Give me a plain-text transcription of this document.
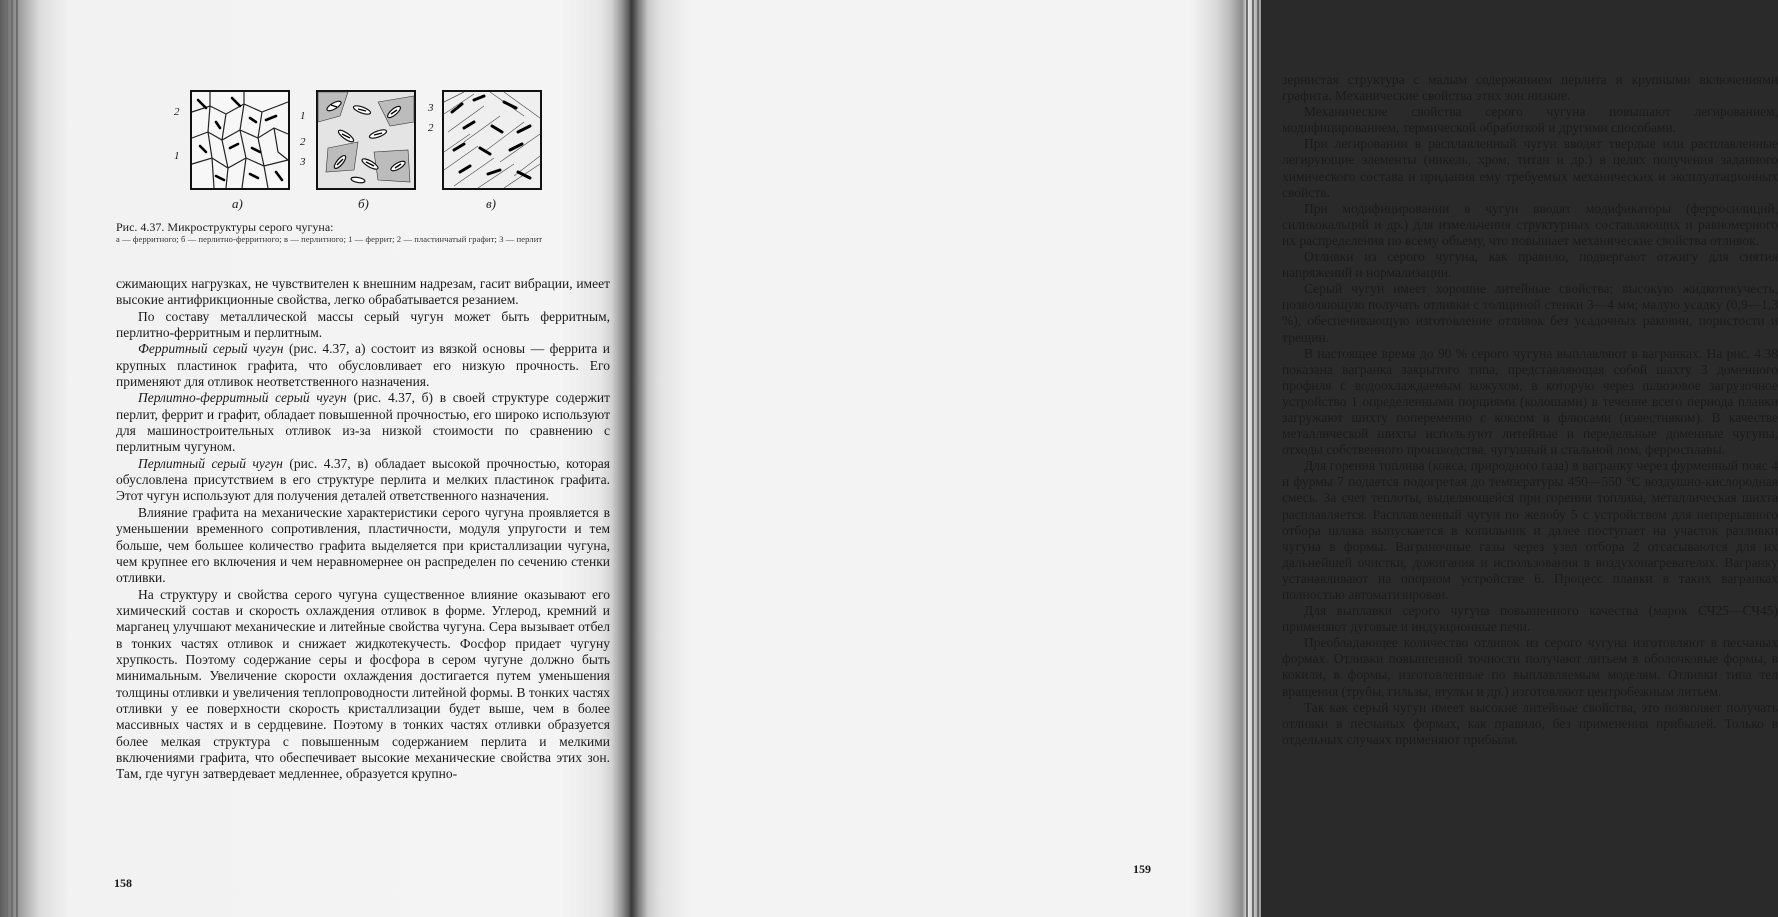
2
1
1
2
3
3
2
а)	б)	в)
Рис. 4.37. Микроструктуры серого чугуна:
а — ферритного; б — перлитно-ферритного; в — перлитного; 1 — феррит; 2 — пластинчатый графит; 3 — перлит

сжимающих нагрузках, не чувствителен к внешним надрезам, гасит вибрации, имеет высокие антифрикционные свойства, легко обрабатывается резанием.

По составу металлической массы серый чугун может быть ферритным, перлитно-ферритным и перлитным.

Ферритный серый чугун (рис. 4.37, а) состоит из вязкой основы — феррита и крупных пластинок графита, что обусловливает его низкую прочность. Его применяют для отливок неответственного назначения.

Перлитно-ферритный серый чугун (рис. 4.37, б) в своей структуре содержит перлит, феррит и графит, обладает повышенной прочностью, его широко используют для машиностроительных отливок из-за низкой стоимости по сравнению с перлитным чугуном.

Перлитный серый чугун (рис. 4.37, в) обладает высокой прочностью, которая обусловлена присутствием в его структуре перлита и мелких пластинок графита. Этот чугун используют для получения деталей ответственного назначения.

Влияние графита на механические характеристики серого чугуна проявляется в уменьшении временного сопротивления, пластичности, модуля упругости и тем больше, чем большее количество графита выделяется при кристаллизации чугуна, чем крупнее его включения и чем неравномернее он распределен по сечению стенки отливки.

На структуру и свойства серого чугуна существенное влияние оказывают его химический состав и скорость охлаждения отливок в форме. Углерод, кремний и марганец улучшают механические и литейные свойства чугуна. Сера вызывает отбел в тонких частях отливок и снижает жидкотекучесть. Фосфор придает чугуну хрупкость. Поэтому содержание серы и фосфора в сером чугуне должно быть минимальным. Увеличение скорости охлаждения достигается путем уменьшения толщины отливки и увеличения теплопроводности литейной формы. В тонких частях отливки у ее поверхности скорость кристаллизации будет выше, чем в более массивных частях и в сердцевине. Поэтому в тонких частях отливки образуется более мелкая структура с повышенным содержанием перлита и мелкими включениями графита, что обеспечивает высокие механические свойства этих зон. Там, где чугун затвердевает медленнее, образуется крупно-

158

зернистая структура с малым содержанием перлита и крупными включениями графита. Механические свойства этих зон низкие.

Механические свойства серого чугуна повышают легированием, модифицированием, термической обработкой и другими способами.

При легировании в расплавленный чугун вводят твердые или расплавленные легирующие элементы (никель, хром, титан и др.) в целях получения заданного химического состава и придания ему требуемых механических и эксплуатационных свойств.

При модифицировании в чугун вводят модификаторы (ферросилиций, силикокальций и др.) для измельчения структурных составляющих и равномерного их распределения по всему объему, что повышает механические свойства отливок.

Отливки из серого чугуна, как правило, подвергают отжигу для снятия напряжений и нормализации.

Серый чугун имеет хорошие литейные свойства; высокую жидкотекучесть, позволяющую получать отливки с толщиной стенки 3—4 мм; малую усадку (0,9—1,3 %), обеспечивающую изготовление отливок без усадочных раковин, пористости и трещин.

В настоящее время до 90 % серого чугуна выплавляют в вагранках. На рис. 4.38 показана вагранка закрытого типа, представляющая собой шахту 3 доменного профиля с водоохлаждаемым кожухом, в которую через шлюзовое загрузочное устройство 1 определенными порциями (колошами) в течение всего периода плавки загружают шихту попеременно с коксом и флюсами (известняком). В качестве металлической шихты используют литейные и передельные доменные чугуны, отходы собственного производства, чугунный и стальной лом, ферросплавы.

Для горения топлива (кокса, природного газа) в вагранку через фурменный пояс 4 и фурмы 7 подается подогретая до температуры 450—550 °С воздушно-кислородная смесь. За счет теплоты, выделяющейся при горении топлива, металлическая шихта расплавляется. Расплавленный чугун по желобу 5 с устройством для непрерывного отбора шлака выпускается в копильник и далее поступает на участок разливки чугуна в формы. Ваграночные газы через узел отбора 2 отсасываются для их дальнейшей очистки, дожигания и использования в воздухонагревателях. Вагранку устанавливают на опорном устройстве 6. Процесс плавки в таких вагранках полностью автоматизирован.

Для выплавки серого чугуна повышенного качества (марок СЧ25—СЧ45) применяют дуговые и индукционные печи.

Преобладающее количество отливок из серого чугуна изготовляют в песчаных формах. Отливки повышенной точности получают литьем в оболочковые формы, в кокили, в формы, изготовленные по выплавляемым моделям. Отливки типа тел вращения (трубы, гильзы, втулки и др.) изготовляют центробежным литьем.

Так как серый чугун имеет высокие литейные свойства, это позволяет получать отливки в песчаных формах, как правило, без применения прибылей. Только в отдельных случаях применяют прибыли.

159
